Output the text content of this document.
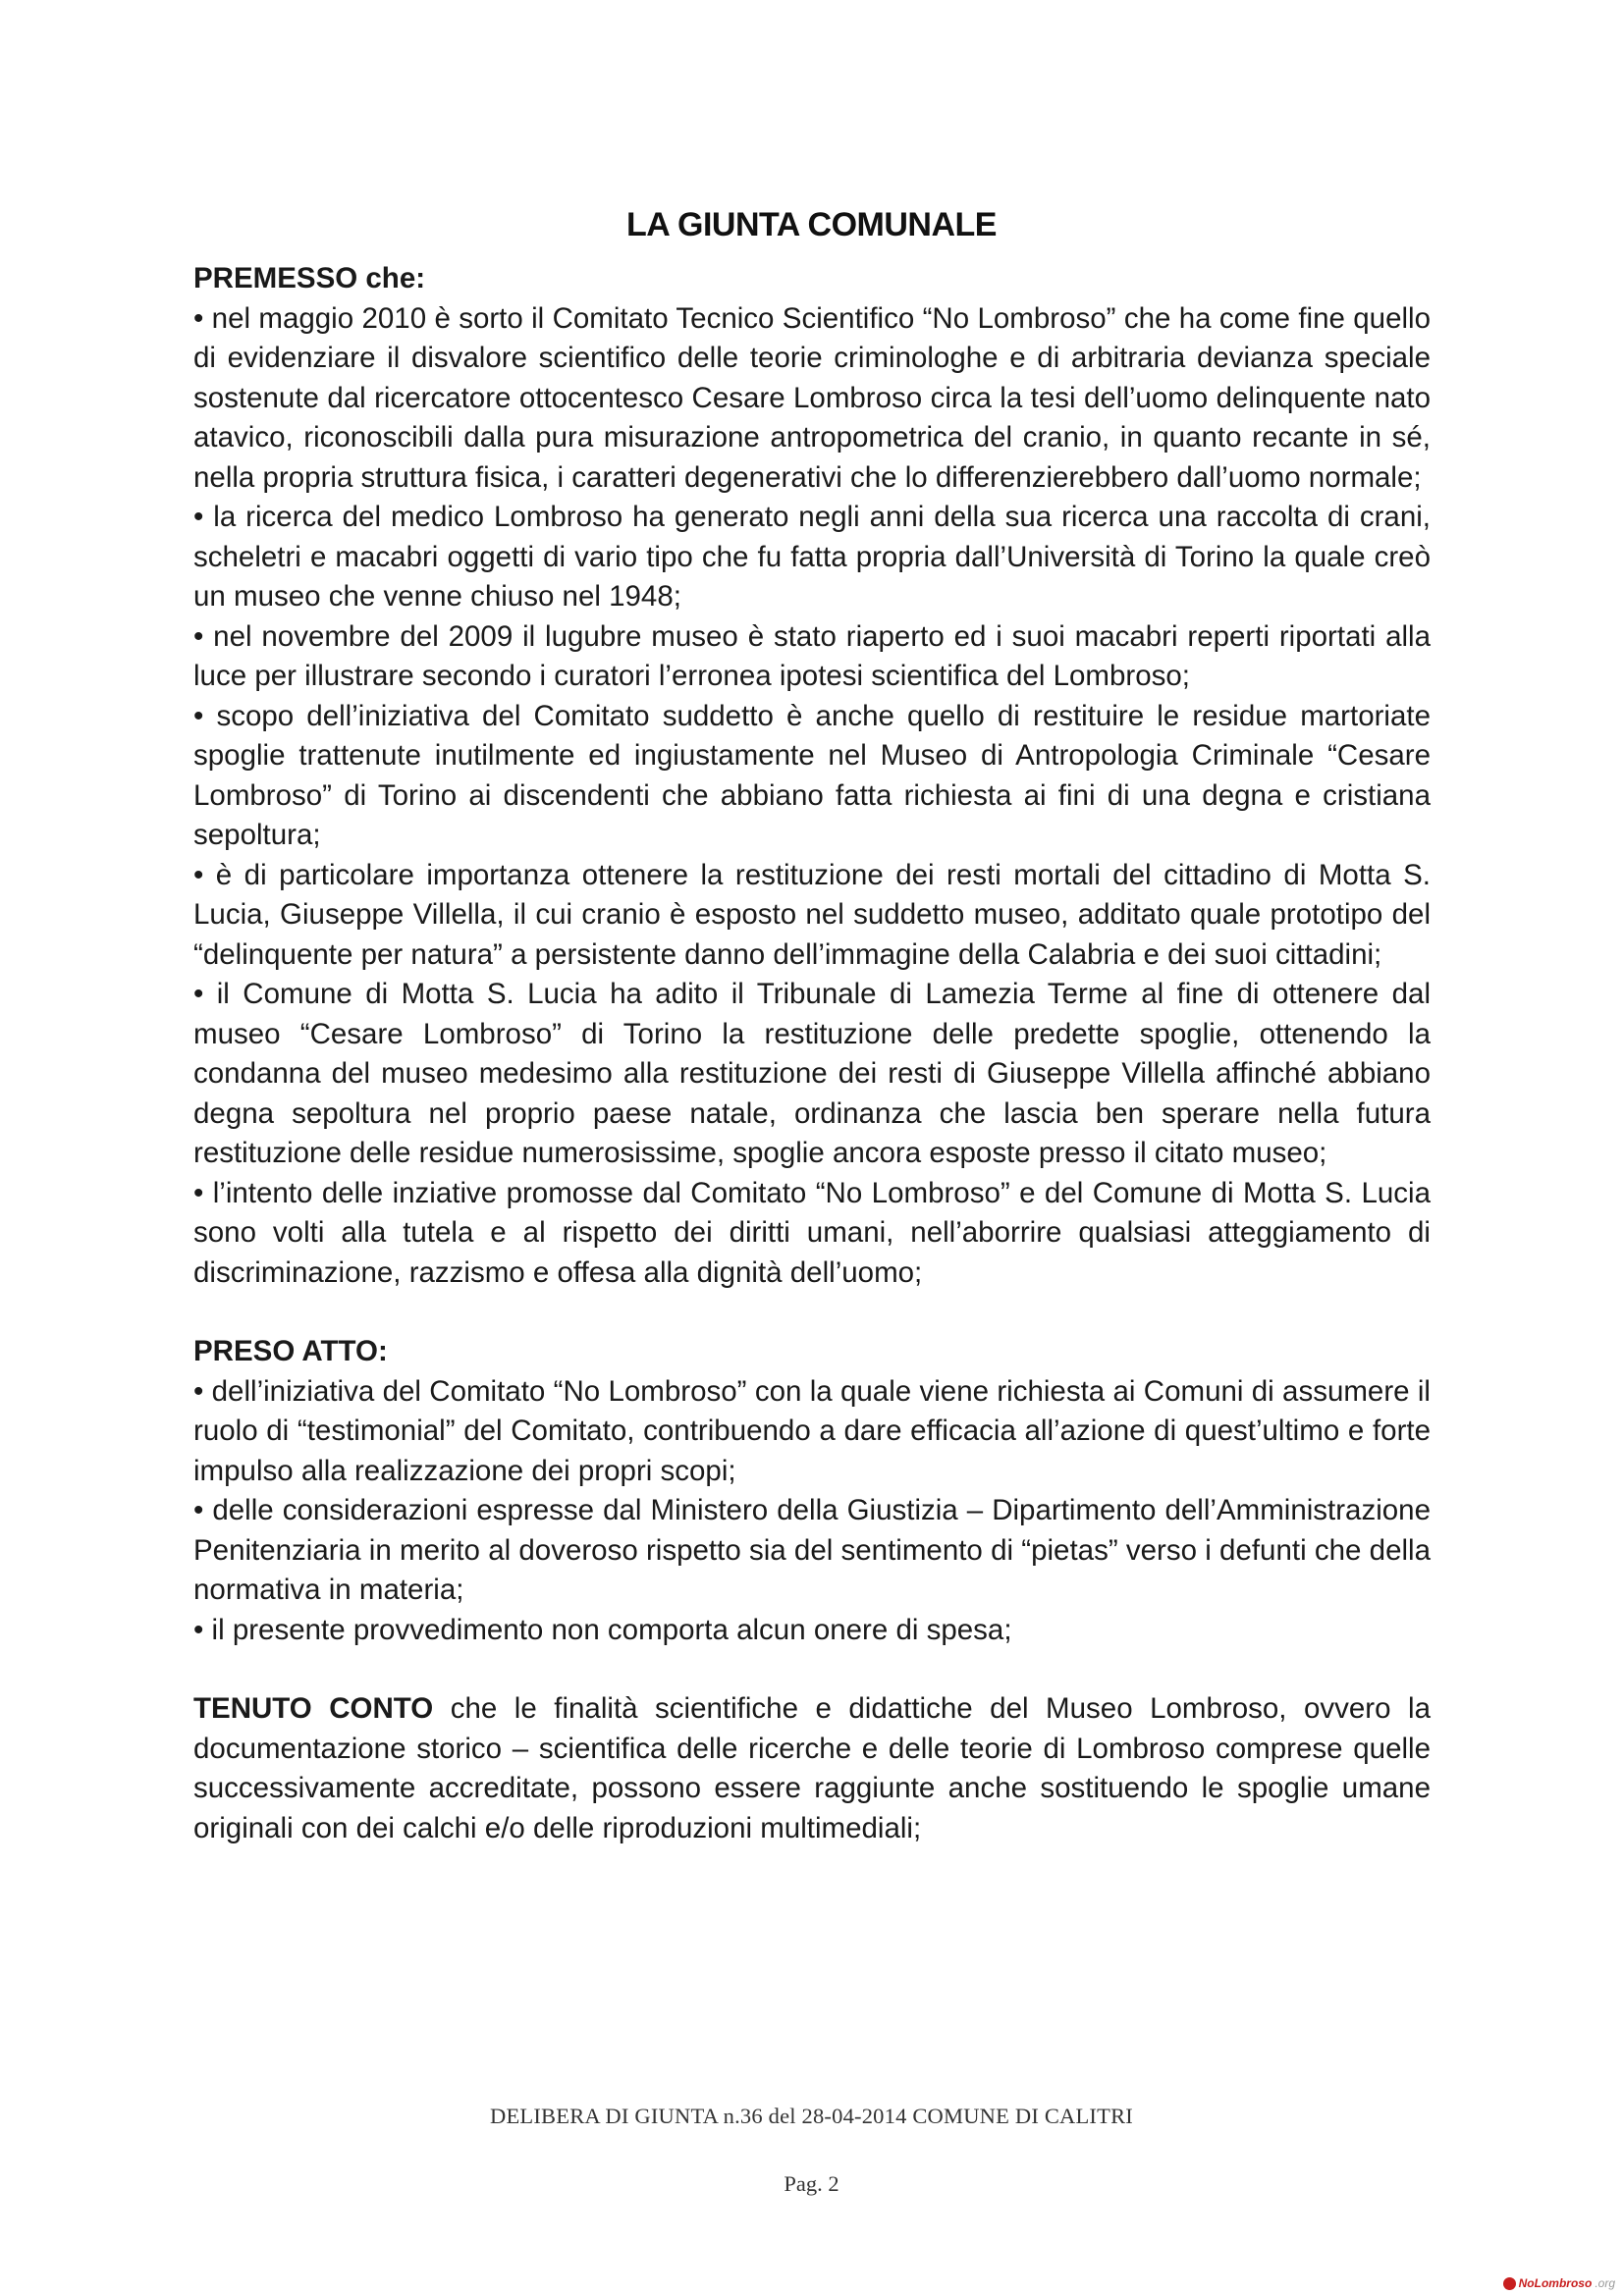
LA GIUNTA COMUNALE

PREMESSO che:

• nel maggio 2010 è sorto il Comitato Tecnico Scientifico “No Lombroso” che ha come fine quello di evidenziare il disvalore scientifico delle teorie criminologhe e di arbitraria devianza speciale sostenute dal ricercatore ottocentesco Cesare Lombroso circa la tesi dell’uomo delinquente nato atavico, riconoscibili dalla pura misurazione antropometrica del cranio, in quanto recante in sé, nella propria struttura fisica, i caratteri degenerativi che lo differenzierebbero dall’uomo normale;

• la ricerca del medico Lombroso ha generato negli anni della sua ricerca una raccolta di crani, scheletri e macabri oggetti di vario tipo che fu fatta propria dall’Università di Torino la quale creò un museo che venne chiuso nel 1948;

• nel novembre del 2009 il lugubre museo è stato riaperto ed i suoi macabri reperti riportati alla luce per illustrare secondo i curatori l’erronea ipotesi scientifica del Lombroso;

• scopo dell’iniziativa del Comitato suddetto è anche quello di restituire le residue martoriate spoglie trattenute inutilmente ed ingiustamente nel Museo di Antropologia Criminale “Cesare Lombroso” di Torino ai discendenti che abbiano fatta richiesta ai fini di una degna e cristiana sepoltura;

• è di particolare importanza ottenere la restituzione dei resti mortali del cittadino di Motta S. Lucia, Giuseppe Villella, il cui cranio è esposto nel suddetto museo, additato quale prototipo del “delinquente per natura” a persistente danno dell’immagine della Calabria e dei suoi cittadini;

• il Comune di Motta S. Lucia ha adito il Tribunale di Lamezia Terme al fine di ottenere dal museo “Cesare Lombroso” di Torino la restituzione delle predette spoglie, ottenendo la condanna del museo medesimo alla restituzione dei resti di Giuseppe Villella affinché abbiano degna sepoltura nel proprio paese natale, ordinanza che lascia ben sperare nella futura restituzione delle residue numerosissime, spoglie ancora esposte presso il citato museo;

• l’intento delle inziative promosse dal Comitato “No Lombroso” e del Comune di Motta S. Lucia sono volti alla tutela e al rispetto dei diritti umani, nell’aborrire qualsiasi atteggiamento di discriminazione, razzismo e offesa alla dignità dell’uomo;

PRESO ATTO:

• dell’iniziativa del Comitato “No Lombroso” con la quale viene richiesta ai Comuni di assumere il ruolo di “testimonial” del Comitato, contribuendo a dare efficacia all’azione di quest’ultimo e forte impulso alla realizzazione dei propri scopi;

• delle considerazioni espresse dal Ministero della Giustizia – Dipartimento dell’Amministrazione Penitenziaria in merito al doveroso rispetto sia del sentimento di “pietas” verso i defunti che della normativa in materia;

• il presente provvedimento non comporta alcun onere di spesa;

TENUTO CONTO che le finalità scientifiche e didattiche del Museo Lombroso, ovvero la documentazione storico – scientifica delle ricerche e delle teorie di Lombroso comprese quelle successivamente accreditate, possono essere raggiunte anche sostituendo le spoglie umane originali con dei calchi e/o delle riproduzioni multimediali;

DELIBERA DI GIUNTA n.36 del 28-04-2014 COMUNE DI CALITRI
Pag. 2
NoLombroso .org
